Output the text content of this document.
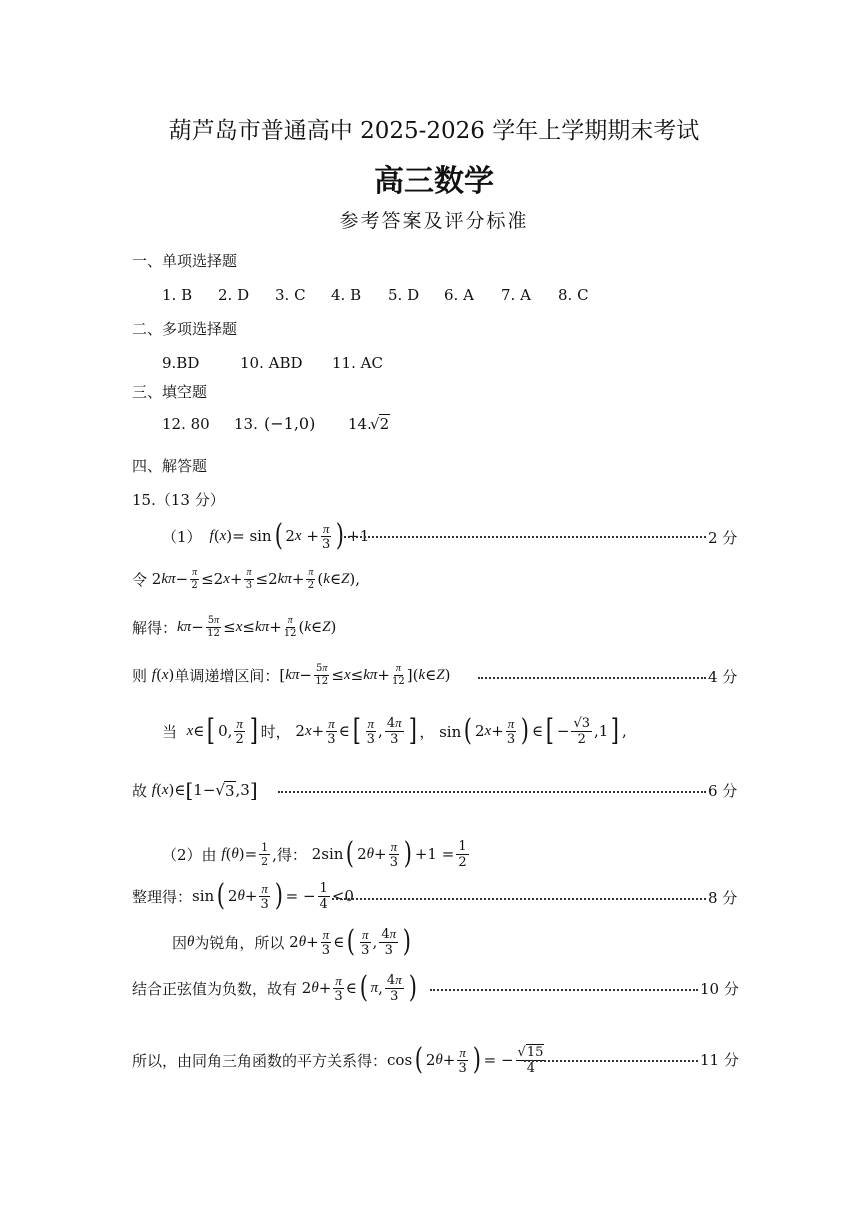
葫芦岛市普通高中 2025-2026 学年上学期期末考试
高三数学
参考答案及评分标准
一、单项选择题
1. B	2. D	3. C	4. B	5. D	6. A	7. A	8. C
二、多项选择题
9.BD	10. ABD	11. AC
三、填空题
12. 80	13. (−1,0)	14.
√2
四、解答题
15.（13 分）
（1） f ( x )= sin ( 2 $x + \frac{\pi}{3}$ ) +1	2 分
令 2 $k\pi - \frac{\pi}{2} \le 2$ $x + \frac{\pi}{3} \le 2$ $k\pi + \frac{\pi}{2}$ ( k ∈ Z ),
解得： $k\pi - \frac{5\pi}{12} \le x \le k\pi + \frac{\pi}{12}$ ( k ∈ Z )
则
f ( x ) 单调递增区间： [ $k\pi - \frac{5\pi}{12} \le x \le k\pi + \frac{\pi}{12}$ ]( k ∈ Z )	4 分
当
x ∈ [ 0, $\frac{\pi}{2}$ ] 时， 2 $x + \frac{\pi}{3}$ ∈ [ $\frac{\pi}{3}$ , $\frac{4\pi}{3}$ ] ， sin ( 2 $x + \frac{\pi}{3}$ ) ∈ [ − $\frac{√3}{2} ,1$ ] ,
故
f ( x )∈ [ 1− √ 3 ,3 ]	6 分
（2）由
f ( θ )= $\frac{1}{2}$ ,得： 2sin ( 2 $\theta + \frac{\pi}{3}$ ) $+1 = \frac{1}{2}$
整理得： sin ( 2 $\theta + \frac{\pi}{3}$ ) = − $\frac{1}{4} <0$	8 分
因 θ 为锐角，所以 2 $\theta + \frac{\pi}{3}$ ∈ ( $\frac{\pi}{3}$ , $\frac{4\pi}{3}$ )
结合正弦值为负数，故有 2 $\theta + \frac{\pi}{3}$ ∈ ( π , $\frac{4\pi}{3}$ )	10 分
所以，由同角三角函数的平方关系得： cos ( 2 $\theta + \frac{\pi}{3}$ ) = − $\frac{√15}{4}$	11 分
